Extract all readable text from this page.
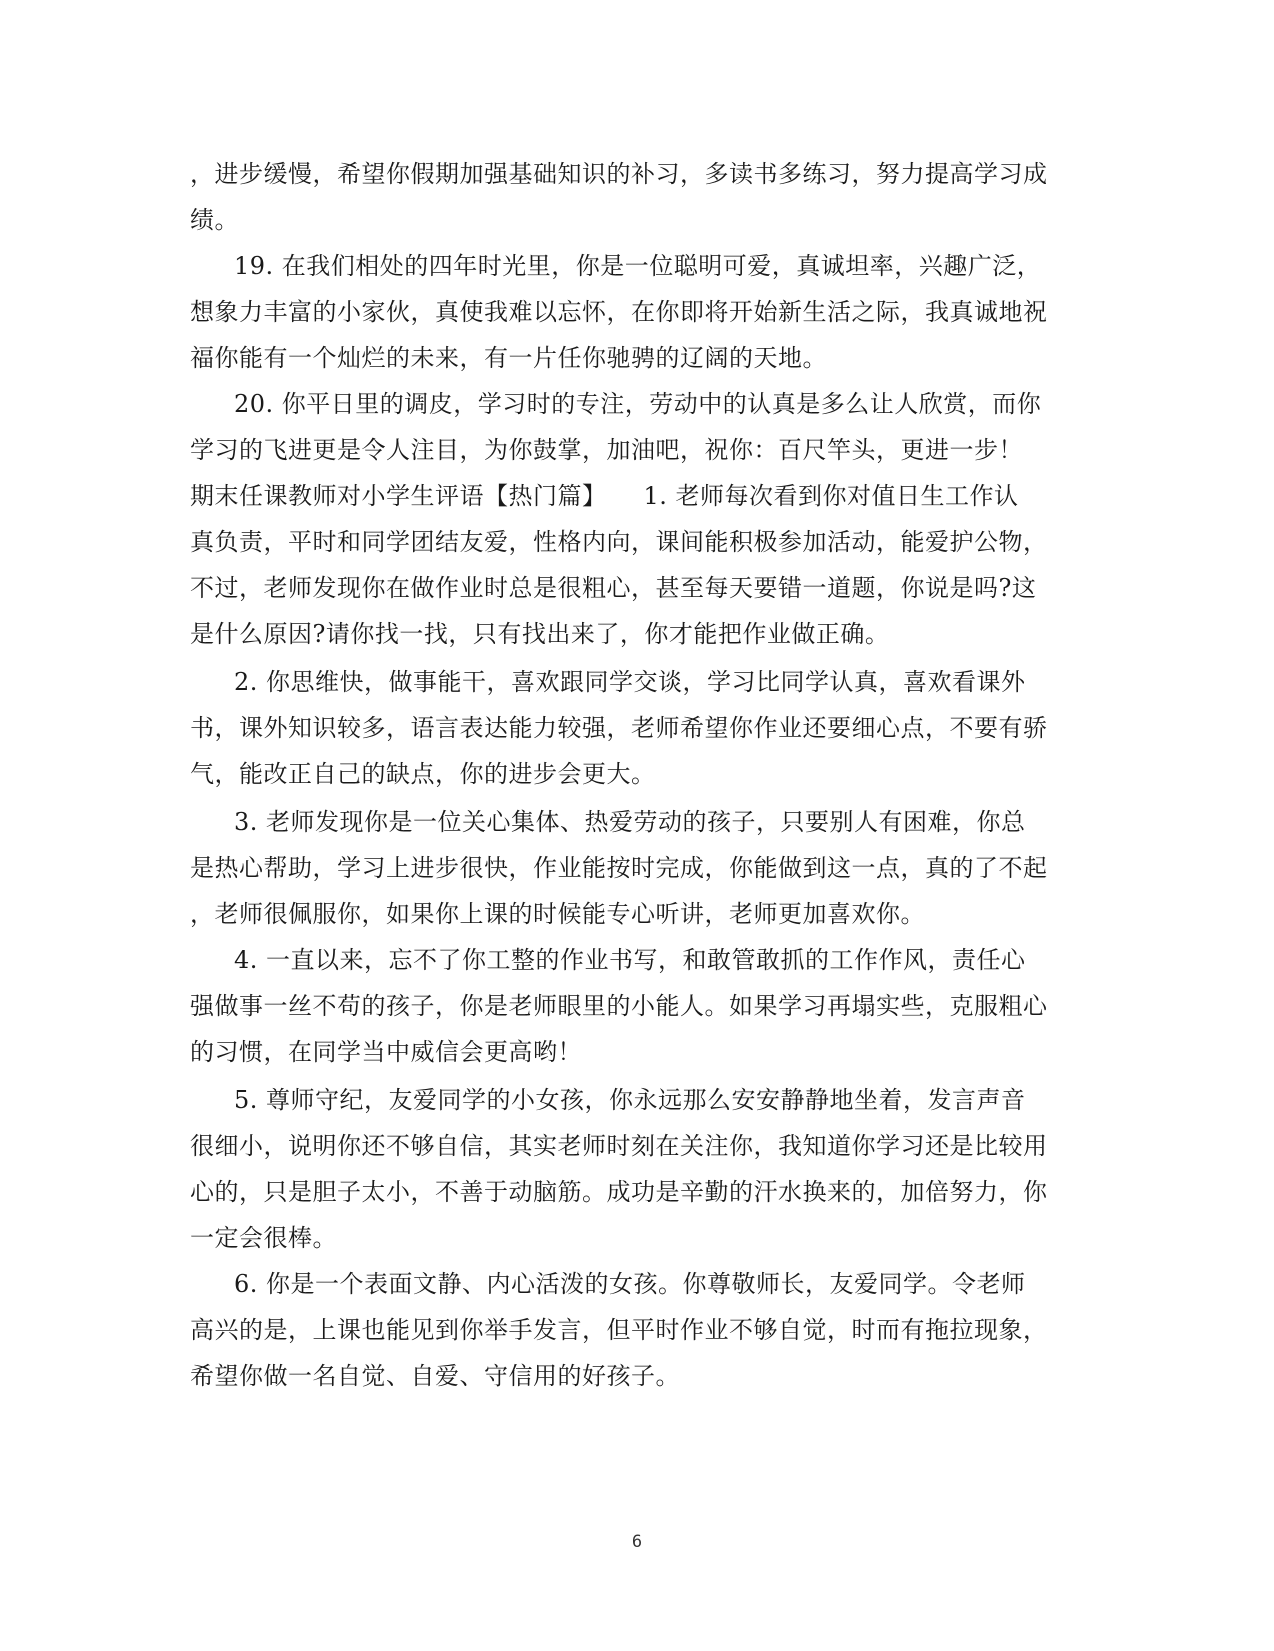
，进步缓慢，希望你假期加强基础知识的补习，多读书多练习，努力提高学习成
绩。
19. 在我们相处的四年时光里，你是一位聪明可爱，真诚坦率，兴趣广泛，
想象力丰富的小家伙，真使我难以忘怀，在你即将开始新生活之际，我真诚地祝
福你能有一个灿烂的未来，有一片任你驰骋的辽阔的天地。
20. 你平日里的调皮，学习时的专注，劳动中的认真是多么让人欣赏，而你
学习的飞进更是令人注目，为你鼓掌，加油吧，祝你：百尺竿头，更进一步！
期末任课教师对小学生评语【热门篇】　　1. 老师每次看到你对值日生工作认
真负责，平时和同学团结友爱，性格内向，课间能积极参加活动，能爱护公物，
不过，老师发现你在做作业时总是很粗心，甚至每天要错一道题，你说是吗?这
是什么原因?请你找一找，只有找出来了，你才能把作业做正确。
2. 你思维快，做事能干，喜欢跟同学交谈，学习比同学认真，喜欢看课外
书，课外知识较多，语言表达能力较强，老师希望你作业还要细心点，不要有骄
气，能改正自己的缺点，你的进步会更大。
3. 老师发现你是一位关心集体、热爱劳动的孩子，只要别人有困难，你总
是热心帮助，学习上进步很快，作业能按时完成，你能做到这一点，真的了不起
，老师很佩服你，如果你上课的时候能专心听讲，老师更加喜欢你。
4. 一直以来，忘不了你工整的作业书写，和敢管敢抓的工作作风，责任心
强做事一丝不苟的孩子，你是老师眼里的小能人。如果学习再塌实些，克服粗心
的习惯，在同学当中威信会更高哟！
5. 尊师守纪，友爱同学的小女孩，你永远那么安安静静地坐着，发言声音
很细小，说明你还不够自信，其实老师时刻在关注你，我知道你学习还是比较用
心的，只是胆子太小，不善于动脑筋。成功是辛勤的汗水换来的，加倍努力，你
一定会很棒。
6. 你是一个表面文静、内心活泼的女孩。你尊敬师长，友爱同学。令老师
高兴的是，上课也能见到你举手发言，但平时作业不够自觉，时而有拖拉现象，
希望你做一名自觉、自爱、守信用的好孩子。
6
